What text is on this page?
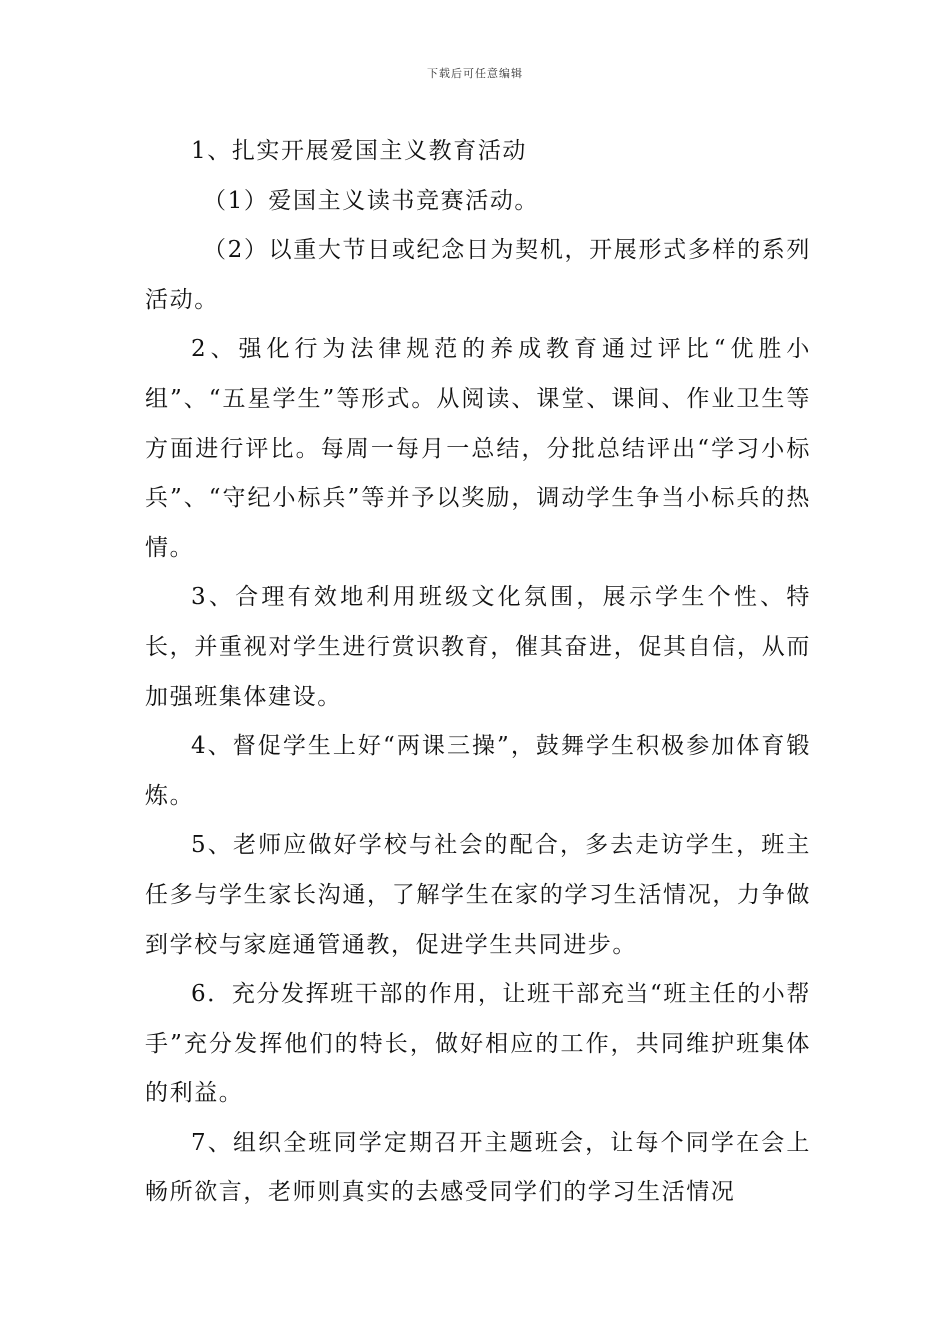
下载后可任意编辑

1、扎实开展爱国主义教育活动

（1）爱国主义读书竞赛活动。

（2）以重大节日或纪念日为契机，开展形式多样的系列活动。

2、强化行为法律规范的养成教育通过评比“优胜小组”、“五星学生”等形式。从阅读、课堂、课间、作业卫生等方面进行评比。每周一每月一总结，分批总结评出“学习小标兵”、“守纪小标兵”等并予以奖励，调动学生争当小标兵的热情。

3、合理有效地利用班级文化氛围，展示学生个性、特长，并重视对学生进行赏识教育，催其奋进，促其自信，从而加强班集体建设。

4、督促学生上好“两课三操”，鼓舞学生积极参加体育锻炼。

5、老师应做好学校与社会的配合，多去走访学生，班主任多与学生家长沟通，了解学生在家的学习生活情况，力争做到学校与家庭通管通教，促进学生共同进步。

6．充分发挥班干部的作用，让班干部充当“班主任的小帮手”充分发挥他们的特长，做好相应的工作，共同维护班集体的利益。

7、组织全班同学定期召开主题班会，让每个同学在会上畅所欲言，老师则真实的去感受同学们的学习生活情况
